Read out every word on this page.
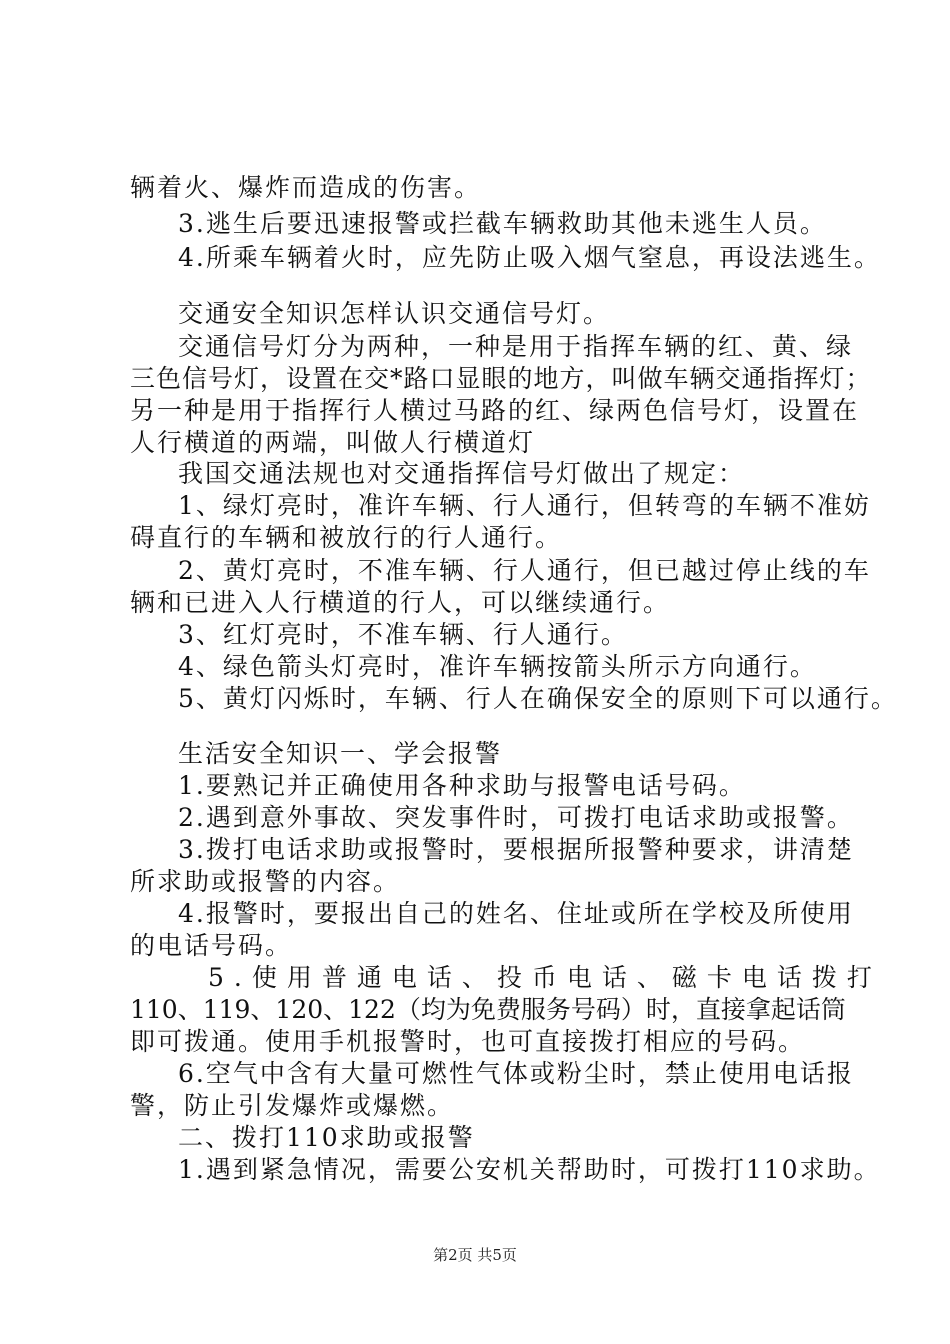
辆着火、爆炸而造成的伤害。
3.逃生后要迅速报警或拦截车辆救助其他未逃生人员。
4.所乘车辆着火时，应先防止吸入烟气窒息，再设法逃生。
交通安全知识怎样认识交通信号灯。
交通信号灯分为两种，一种是用于指挥车辆的红、黄、绿
三色信号灯，设置在交*路口显眼的地方，叫做车辆交通指挥灯；
另一种是用于指挥行人横过马路的红、绿两色信号灯，设置在
人行横道的两端，叫做人行横道灯
我国交通法规也对交通指挥信号灯做出了规定：
1、绿灯亮时，准许车辆、行人通行，但转弯的车辆不准妨
碍直行的车辆和被放行的行人通行。
2、黄灯亮时，不准车辆、行人通行，但已越过停止线的车
辆和已进入人行横道的行人，可以继续通行。
3、红灯亮时，不准车辆、行人通行。
4、绿色箭头灯亮时，准许车辆按箭头所示方向通行。
5、黄灯闪烁时，车辆、行人在确保安全的原则下可以通行。
生活安全知识一、学会报警
1.要熟记并正确使用各种求助与报警电话号码。
2.遇到意外事故、突发事件时，可拨打电话求助或报警。
3.拨打电话求助或报警时，要根据所报警种要求，讲清楚
所求助或报警的内容。
4.报警时，要报出自己的姓名、住址或所在学校及所使用
的电话号码。
5.使用普通电话、投币电话、磁卡电话拨打
110、119、120、122（均为免费服务号码）时，直接拿起话筒
即可拨通。使用手机报警时，也可直接拨打相应的号码。
6.空气中含有大量可燃性气体或粉尘时，禁止使用电话报
警，防止引发爆炸或爆燃。
二、拨打110求助或报警
1.遇到紧急情况，需要公安机关帮助时，可拨打110求助。
第2页 共5页
